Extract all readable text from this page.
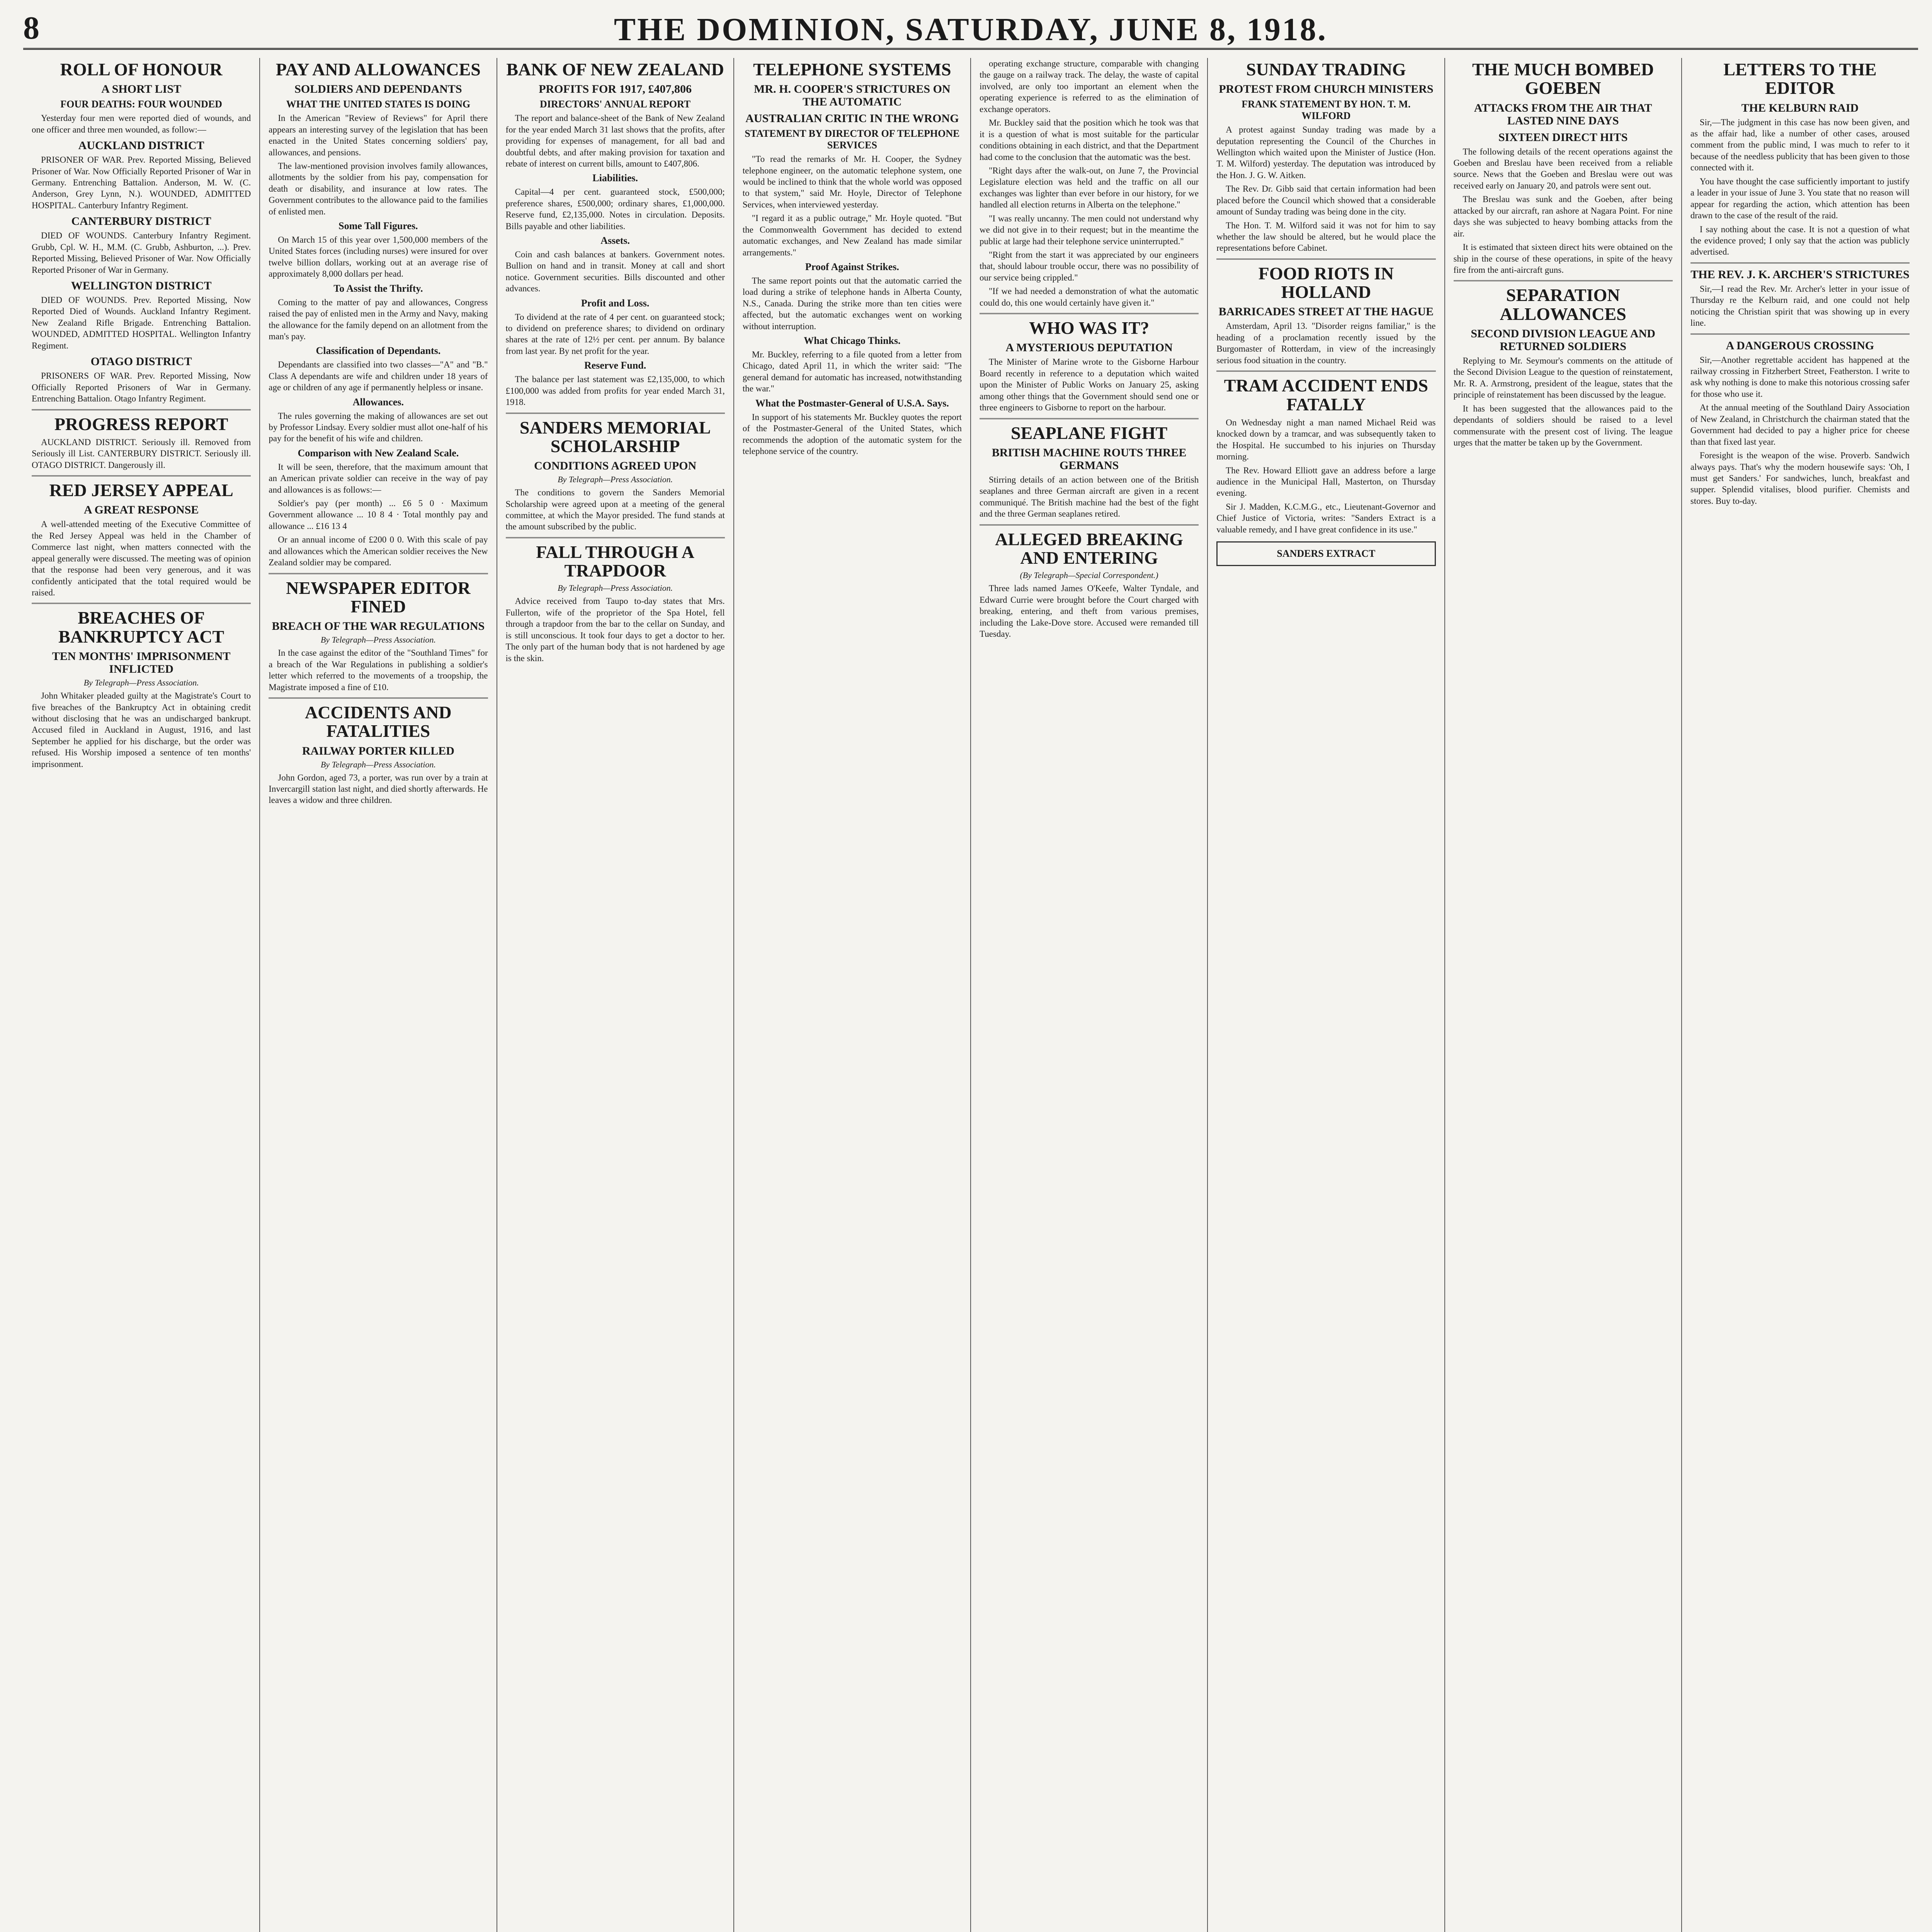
8	THE DOMINION, SATURDAY, JUNE 8, 1918.
ROLL OF HONOUR
A SHORT LIST
FOUR DEATHS: FOUR WOUNDED

Yesterday four men were reported died of wounds, and one officer and three men wounded, as follow:—

AUCKLAND DISTRICT

PRISONER OF WAR. Prev. Reported Missing, Believed Prisoner of War. Now Officially Reported Prisoner of War in Germany. Entrenching Battalion. Anderson, M. W. (C. Anderson, Grey Lynn, N.). WOUNDED, ADMITTED HOSPITAL. Canterbury Infantry Regiment.

CANTERBURY DISTRICT

DIED OF WOUNDS. Canterbury Infantry Regiment. Grubb, Cpl. W. H., M.M. (C. Grubb, Ashburton, ...). Prev. Reported Missing, Believed Prisoner of War. Now Officially Reported Prisoner of War in Germany.

WELLINGTON DISTRICT

DIED OF WOUNDS. Prev. Reported Missing, Now Reported Died of Wounds. Auckland Infantry Regiment. New Zealand Rifle Brigade. Entrenching Battalion. WOUNDED, ADMITTED HOSPITAL. Wellington Infantry Regiment.

OTAGO DISTRICT

PRISONERS OF WAR. Prev. Reported Missing, Now Officially Reported Prisoners of War in Germany. Entrenching Battalion. Otago Infantry Regiment.

PROGRESS REPORT

AUCKLAND DISTRICT. Seriously ill. Removed from Seriously ill List. CANTERBURY DISTRICT. Seriously ill. OTAGO DISTRICT. Dangerously ill.

RED JERSEY APPEAL
A GREAT RESPONSE

A well-attended meeting of the Executive Committee of the Red Jersey Appeal was held in the Chamber of Commerce last night, when matters connected with the appeal generally were discussed. The meeting was of opinion that the response had been very generous, and it was confidently anticipated that the total required would be raised.

BREACHES OF BANKRUPTCY ACT
TEN MONTHS' IMPRISONMENT INFLICTED
By Telegraph—Press Association.

John Whitaker pleaded guilty at the Magistrate's Court to five breaches of the Bankruptcy Act in obtaining credit without disclosing that he was an undischarged bankrupt. Accused filed in Auckland in August, 1916, and last September he applied for his discharge, but the order was refused. His Worship imposed a sentence of ten months' imprisonment.

PAY AND ALLOWANCES
SOLDIERS AND DEPENDANTS
WHAT THE UNITED STATES IS DOING

In the American "Review of Reviews" for April there appears an interesting survey of the legislation that has been enacted in the United States concerning soldiers' pay, allowances, and pensions.

The law-mentioned provision involves family allowances, allotments by the soldier from his pay, compensation for death or disability, and insurance at low rates. The Government contributes to the allowance paid to the families of enlisted men.

Some Tall Figures.

On March 15 of this year over 1,500,000 members of the United States forces (including nurses) were insured for over twelve billion dollars, working out at an average rise of approximately 8,000 dollars per head.

To Assist the Thrifty.

Coming to the matter of pay and allowances, Congress raised the pay of enlisted men in the Army and Navy, making the allowance for the family depend on an allotment from the man's pay.

Classification of Dependants.

Dependants are classified into two classes—"A" and "B." Class A dependants are wife and children under 18 years of age or children of any age if permanently helpless or insane.

Allowances.

The rules governing the making of allowances are set out by Professor Lindsay. Every soldier must allot one-half of his pay for the benefit of his wife and children.

Comparison with New Zealand Scale.

It will be seen, therefore, that the maximum amount that an American private soldier can receive in the way of pay and allowances is as follows:—

Soldier's pay (per month) ... £6 5 0 · Maximum Government allowance ... 10 8 4 · Total monthly pay and allowance ... £16 13 4

Or an annual income of £200 0 0. With this scale of pay and allowances which the American soldier receives the New Zealand soldier may be compared.

NEWSPAPER EDITOR FINED
BREACH OF THE WAR REGULATIONS
By Telegraph—Press Association.

In the case against the editor of the "Southland Times" for a breach of the War Regulations in publishing a soldier's letter which referred to the movements of a troopship, the Magistrate imposed a fine of £10.

ACCIDENTS AND FATALITIES
RAILWAY PORTER KILLED
By Telegraph—Press Association.

John Gordon, aged 73, a porter, was run over by a train at Invercargill station last night, and died shortly afterwards. He leaves a widow and three children.

BANK OF NEW ZEALAND
PROFITS FOR 1917, £407,806
DIRECTORS' ANNUAL REPORT

The report and balance-sheet of the Bank of New Zealand for the year ended March 31 last shows that the profits, after providing for expenses of management, for all bad and doubtful debts, and after making provision for taxation and rebate of interest on current bills, amount to £407,806.

Liabilities.

Capital—4 per cent. guaranteed stock, £500,000; preference shares, £500,000; ordinary shares, £1,000,000. Reserve fund, £2,135,000. Notes in circulation. Deposits. Bills payable and other liabilities.

Assets.

Coin and cash balances at bankers. Government notes. Bullion on hand and in transit. Money at call and short notice. Government securities. Bills discounted and other advances.

Profit and Loss.

To dividend at the rate of 4 per cent. on guaranteed stock; to dividend on preference shares; to dividend on ordinary shares at the rate of 12½ per cent. per annum. By balance from last year. By net profit for the year.

Reserve Fund.

The balance per last statement was £2,135,000, to which £100,000 was added from profits for year ended March 31, 1918.

SANDERS MEMORIAL SCHOLARSHIP
CONDITIONS AGREED UPON
By Telegraph—Press Association.

The conditions to govern the Sanders Memorial Scholarship were agreed upon at a meeting of the general committee, at which the Mayor presided. The fund stands at the amount subscribed by the public.

FALL THROUGH A TRAPDOOR
By Telegraph—Press Association.

Advice received from Taupo to-day states that Mrs. Fullerton, wife of the proprietor of the Spa Hotel, fell through a trapdoor from the bar to the cellar on Sunday, and is still unconscious. It took four days to get a doctor to her. The only part of the human body that is not hardened by age is the skin.

TELEPHONE SYSTEMS
MR. H. COOPER'S STRICTURES ON THE AUTOMATIC
AUSTRALIAN CRITIC IN THE WRONG
STATEMENT BY DIRECTOR OF TELEPHONE SERVICES

"To read the remarks of Mr. H. Cooper, the Sydney telephone engineer, on the automatic telephone system, one would be inclined to think that the whole world was opposed to that system," said Mr. Hoyle, Director of Telephone Services, when interviewed yesterday.

"I regard it as a public outrage," Mr. Hoyle quoted. "But the Commonwealth Government has decided to extend automatic exchanges, and New Zealand has made similar arrangements."

Proof Against Strikes.

The same report points out that the automatic carried the load during a strike of telephone hands in Alberta County, N.S., Canada. During the strike more than ten cities were affected, but the automatic exchanges went on working without interruption.

What Chicago Thinks.

Mr. Buckley, referring to a file quoted from a letter from Chicago, dated April 11, in which the writer said: "The general demand for automatic has increased, notwithstanding the war."

What the Postmaster-General of U.S.A. Says.

In support of his statements Mr. Buckley quotes the report of the Postmaster-General of the United States, which recommends the adoption of the automatic system for the telephone service of the country.

operating exchange structure, comparable with changing the gauge on a railway track. The delay, the waste of capital involved, are only too important an element when the operating experience is referred to as the elimination of exchange operators.

Mr. Buckley said that the position which he took was that it is a question of what is most suitable for the particular conditions obtaining in each district, and that the Department had come to the conclusion that the automatic was the best.

"Right days after the walk-out, on June 7, the Provincial Legislature election was held and the traffic on all our exchanges was lighter than ever before in our history, for we handled all election returns in Alberta on the telephone."

"I was really uncanny. The men could not understand why we did not give in to their request; but in the meantime the public at large had their telephone service uninterrupted."

"Right from the start it was appreciated by our engineers that, should labour trouble occur, there was no possibility of our service being crippled."

"If we had needed a demonstration of what the automatic could do, this one would certainly have given it."

WHO WAS IT?
A MYSTERIOUS DEPUTATION

The Minister of Marine wrote to the Gisborne Harbour Board recently in reference to a deputation which waited upon the Minister of Public Works on January 25, asking among other things that the Government should send one or three engineers to Gisborne to report on the harbour.

SEAPLANE FIGHT
BRITISH MACHINE ROUTS THREE GERMANS

Stirring details of an action between one of the British seaplanes and three German aircraft are given in a recent communiqué. The British machine had the best of the fight and the three German seaplanes retired.

ALLEGED BREAKING AND ENTERING
(By Telegraph—Special Correspondent.)

Three lads named James O'Keefe, Walter Tyndale, and Edward Currie were brought before the Court charged with breaking, entering, and theft from various premises, including the Lake-Dove store. Accused were remanded till Tuesday.

SUNDAY TRADING
PROTEST FROM CHURCH MINISTERS
FRANK STATEMENT BY HON. T. M. WILFORD

A protest against Sunday trading was made by a deputation representing the Council of the Churches in Wellington which waited upon the Minister of Justice (Hon. T. M. Wilford) yesterday. The deputation was introduced by the Hon. J. G. W. Aitken.

The Rev. Dr. Gibb said that certain information had been placed before the Council which showed that a considerable amount of Sunday trading was being done in the city.

The Hon. T. M. Wilford said it was not for him to say whether the law should be altered, but he would place the representations before Cabinet.

FOOD RIOTS IN HOLLAND
BARRICADES STREET AT THE HAGUE

Amsterdam, April 13. "Disorder reigns familiar," is the heading of a proclamation recently issued by the Burgomaster of Rotterdam, in view of the increasingly serious food situation in the country.

TRAM ACCIDENT ENDS FATALLY

On Wednesday night a man named Michael Reid was knocked down by a tramcar, and was subsequently taken to the Hospital. He succumbed to his injuries on Thursday morning.

The Rev. Howard Elliott gave an address before a large audience in the Municipal Hall, Masterton, on Thursday evening.

Sir J. Madden, K.C.M.G., etc., Lieutenant-Governor and Chief Justice of Victoria, writes: "Sanders Extract is a valuable remedy, and I have great confidence in its use."

SANDERS EXTRACT
THE MUCH BOMBED GOEBEN
ATTACKS FROM THE AIR THAT LASTED NINE DAYS
SIXTEEN DIRECT HITS

The following details of the recent operations against the Goeben and Breslau have been received from a reliable source. News that the Goeben and Breslau were out was received early on January 20, and patrols were sent out.

The Breslau was sunk and the Goeben, after being attacked by our aircraft, ran ashore at Nagara Point. For nine days she was subjected to heavy bombing attacks from the air.

It is estimated that sixteen direct hits were obtained on the ship in the course of these operations, in spite of the heavy fire from the anti-aircraft guns.

SEPARATION ALLOWANCES
SECOND DIVISION LEAGUE AND RETURNED SOLDIERS

Replying to Mr. Seymour's comments on the attitude of the Second Division League to the question of reinstatement, Mr. R. A. Armstrong, president of the league, states that the principle of reinstatement has been discussed by the league.

It has been suggested that the allowances paid to the dependants of soldiers should be raised to a level commensurate with the present cost of living. The league urges that the matter be taken up by the Government.

LETTERS TO THE EDITOR
THE KELBURN RAID

Sir,—The judgment in this case has now been given, and as the affair had, like a number of other cases, aroused comment from the public mind, I was much to refer to it because of the needless publicity that has been given to those connected with it.

You have thought the case sufficiently important to justify a leader in your issue of June 3. You state that no reason will appear for regarding the action, which attention has been drawn to the case of the result of the raid.

I say nothing about the case. It is not a question of what the evidence proved; I only say that the action was publicly advertised.

THE REV. J. K. ARCHER'S STRICTURES

Sir,—I read the Rev. Mr. Archer's letter in your issue of Thursday re the Kelburn raid, and one could not help noticing the Christian spirit that was showing up in every line.

A DANGEROUS CROSSING

Sir,—Another regrettable accident has happened at the railway crossing in Fitzherbert Street, Featherston. I write to ask why nothing is done to make this notorious crossing safer for those who use it.

At the annual meeting of the Southland Dairy Association of New Zealand, in Christchurch the chairman stated that the Government had decided to pay a higher price for cheese than that fixed last year.

Foresight is the weapon of the wise. Proverb. Sandwich always pays. That's why the modern housewife says: 'Oh, I must get Sanders.' For sandwiches, lunch, breakfast and supper. Splendid vitalises, blood purifier. Chemists and stores. Buy to-day.
